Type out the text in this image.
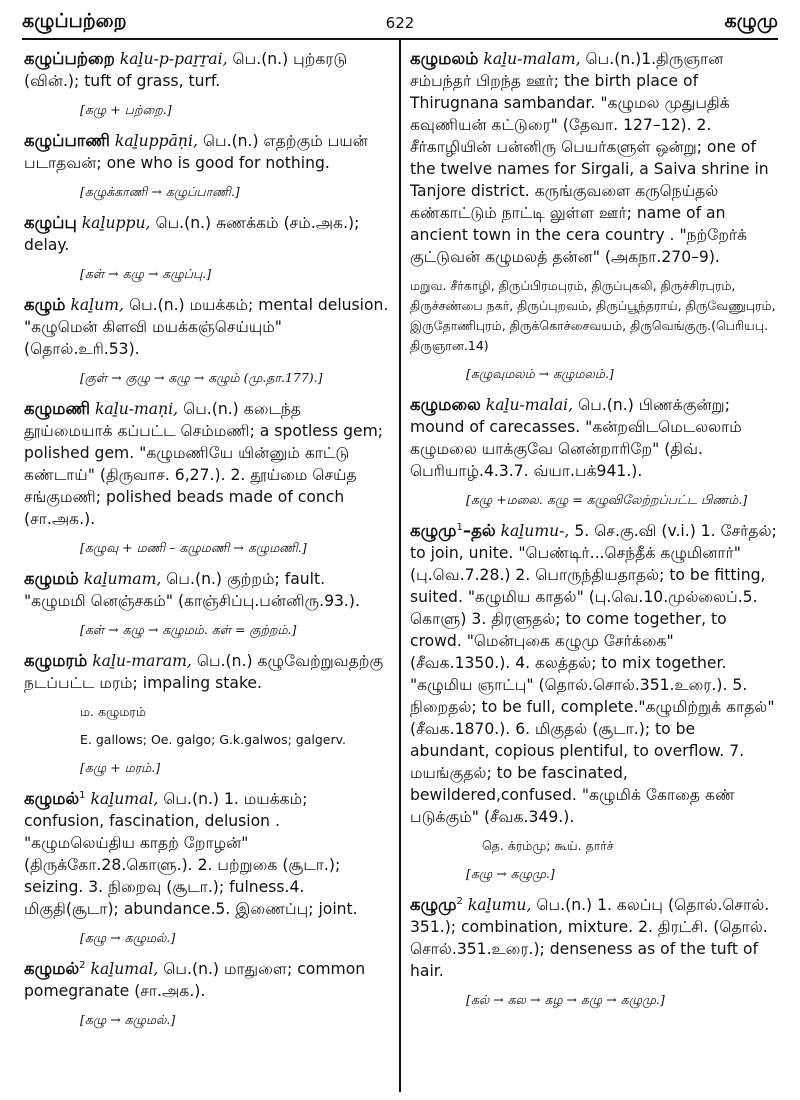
கழுப்பற்றை	622	கழுமு

கழுப்பற்றை kaḻu-p-paṟṟai, பெ.(n.) புற்கரடு (வின்.); tuft of grass, turf.

[கழு + பற்றை.]

கழுப்பாணி kaḻuppāṇi, பெ.(n.) எதற்கும் பயன் படாதவன்; one who is good for nothing.

[கழுக்காணி → கழுப்பாணி.]

கழுப்பு kaḻuppu, பெ.(n.) சுணக்கம் (சம்.அக.); delay.

[கள் → கழு → கழுப்பு.]

கழும் kaḻum, பெ.(n.) மயக்கம்; mental delusion. "கழுமென் கிளவி மயக்கஞ்செய்யும்" (தொல்.உரி.53).

[குள் → குழு → கழு → கழும் (மு.தா.177).]

கழுமணி kaḻu-maṇi, பெ.(n.) கடைந்த தூய்மையாக் கப்பட்ட செம்மணி; a spotless gem; polished gem. "கழுமணியே யின்னும் காட்டு கண்டாய்" (திருவாச. 6,27.). 2. தூய்மை செய்த சங்குமணி; polished beads made of conch (சா.அக.).

[கழுவு + மணி – கழுமணி → கழுமணி.]

கழுமம் kaḻumam, பெ.(n.) குற்றம்; fault. "கழுமமி னெஞ்சகம்" (காஞ்சிப்பு.பன்னிரு.93.).

[கள் → கழு → கழுமம். கள் = குற்றம்.]

கழுமரம் kaḻu-maram, பெ.(n.) கழுவேற்றுவதற்கு நடப்பட்ட மரம்; impaling stake.

ம. கழுமரம்
E. gallows; Oe. galgo; G.k.galwos; galgerv.
[கழு + மரம்.]

கழுமல்$^1$ kaḻumal, பெ.(n.) 1. மயக்கம்; confusion, fascination, delusion . "கழுமலெய்திய காதற் றோழன்" (திருக்கோ.28.கொளு.). 2. பற்றுகை (சூடா.); seizing. 3. நிறைவு (சூடா.); fulness.4. மிகுதி(சூடா); abundance.5. இணைப்பு; joint.

[கழு → கழுமல்.]

கழுமல்$^2$ kaḻumal, பெ.(n.) மாதுளை; common pomegranate (சா.அக.).

[கழு → கழுமல்.]

கழுமலம் kaḻu-malam, பெ.(n.)1.திருஞான சம்பந்தர் பிறந்த ஊர்; the birth place of Thirugnana sambandar. "கழுமல முதுபதிக் கவுணியன் கட்டுரை" (தேவா. 127–12). 2. சீர்காழியின் பன்னிரு பெயர்களுள் ஒன்று; one of the twelve names for Sirgali, a Saiva shrine in Tanjore district. கருங்குவளை கருநெய்தல் கண்காட்டும் நாட்டி லுள்ள ஊர்; name of an ancient town in the cera country . "நற்றேர்க் குட்டுவன் கழுமலத் தன்ன" (அகநா.270–9).

மறுவ. சீர்காழி, திருப்பிரமபுரம், திருப்புகலி, திருச்சிரபுரம், திருச்சண்பை நகர், திருப்புறவம், திருப்பூந்தராய், திருவேணுபுரம், இருதோணிபுரம், திருக்கொச்சைவயம், திருவெங்குரு.(பெரியபு. திருஞான.14)
[கழுவுமலம் → கழுமலம்.]

கழுமலை kaḻu-malai, பெ.(n.) பிணக்குன்று; mound of carecasses. "கன்றவிடமெடலலாம் கழுமலை யாக்குவே னென்றாரிறே" (திவ். பெரியாழ்.4.3.7. வ்யா.பக்941.).

[கழு +மலை. கழு = கழுவிலேற்றப்பட்ட பிணம்.]

கழுமு$^1$–தல் kaḻumu-, 5. செ.கு.வி (v.i.) 1. சேர்தல்; to join, unite. "பெண்டிர்...செந்தீக் கழுமினார்" (பு.வெ.7.28.) 2. பொருந்தியதாதல்; to be fitting, suited. "கழுமிய காதல்" (பு.வெ.10.முல்லைப்.5. கொளு) 3. திரளுதல்; to come together, to crowd. "மென்புகை கழுமு சேர்க்கை" (சீவக.1350.). 4. கலத்தல்; to mix together. "கழுமிய ஞாட்பு" (தொல்.சொல்.351.உரை.). 5. நிறைதல்; to be full, complete."கழுமிற்றுக் காதல்" (சீவக.1870.). 6. மிகுதல் (சூடா.); to be abundant, copious plentiful, to overflow. 7. மயங்குதல்; to be fascinated, bewildered,confused. "கழுமிக் கோதை கண் படுக்கும்" (சீவக.349.).

தெ. க்ரம்மு; கூய். தார்ச்
[கழு → கழுமு.]

கழுமு$^2$ kaḻumu, பெ.(n.) 1. கலப்பு (தொல்.சொல். 351.); combination, mixture. 2. திரட்சி. (தொல். சொல்.351.உரை.); denseness as of the tuft of hair.

[கல் → கல → கழ → கழு → கழுமு.]
